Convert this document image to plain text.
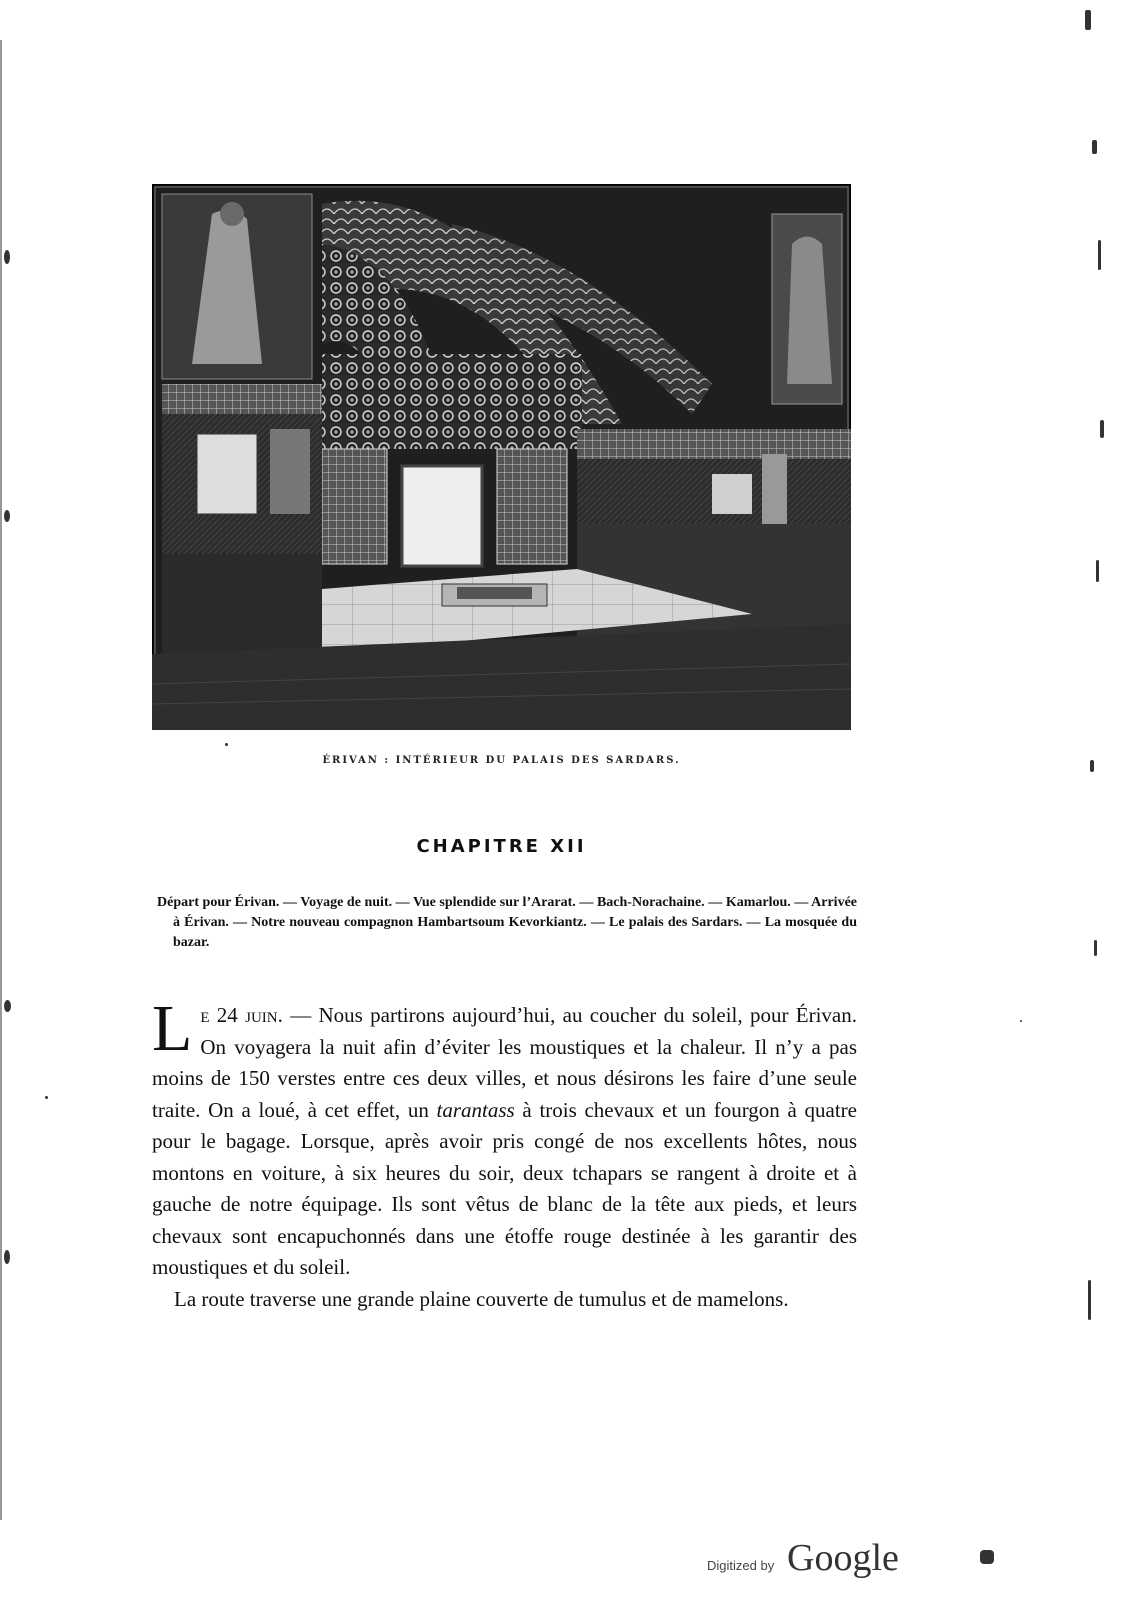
ÉRIVAN : INTÉRIEUR DU PALAIS DES SARDARS.
CHAPITRE XII
Départ pour Érivan. — Voyage de nuit. — Vue splendide sur l’Ararat. — Bach-Norachaine. — Kamarlou. — Arrivée à Érivan. — Notre nouveau compagnon Hambartsoum Kevorkiantz. — Le palais des Sardars. — La mosquée du bazar.

Le 24 juin. — Nous partirons aujourd’hui, au coucher du soleil, pour Érivan. On voyagera la nuit afin d’éviter les moustiques et la chaleur. Il n’y a pas moins de 150 verstes entre ces deux villes, et nous désirons les faire d’une seule traite. On a loué, à cet effet, un tarantass à trois chevaux et un fourgon à quatre pour le bagage. Lorsque, après avoir pris congé de nos excellents hôtes, nous montons en voiture, à six heures du soir, deux tchapars se rangent à droite et à gauche de notre équipage. Ils sont vêtus de blanc de la tête aux pieds, et leurs chevaux sont encapuchonnés dans une étoffe rouge destinée à les garantir des moustiques et du soleil.

La route traverse une grande plaine couverte de tumulus et de mamelons.

Digitized by Google
